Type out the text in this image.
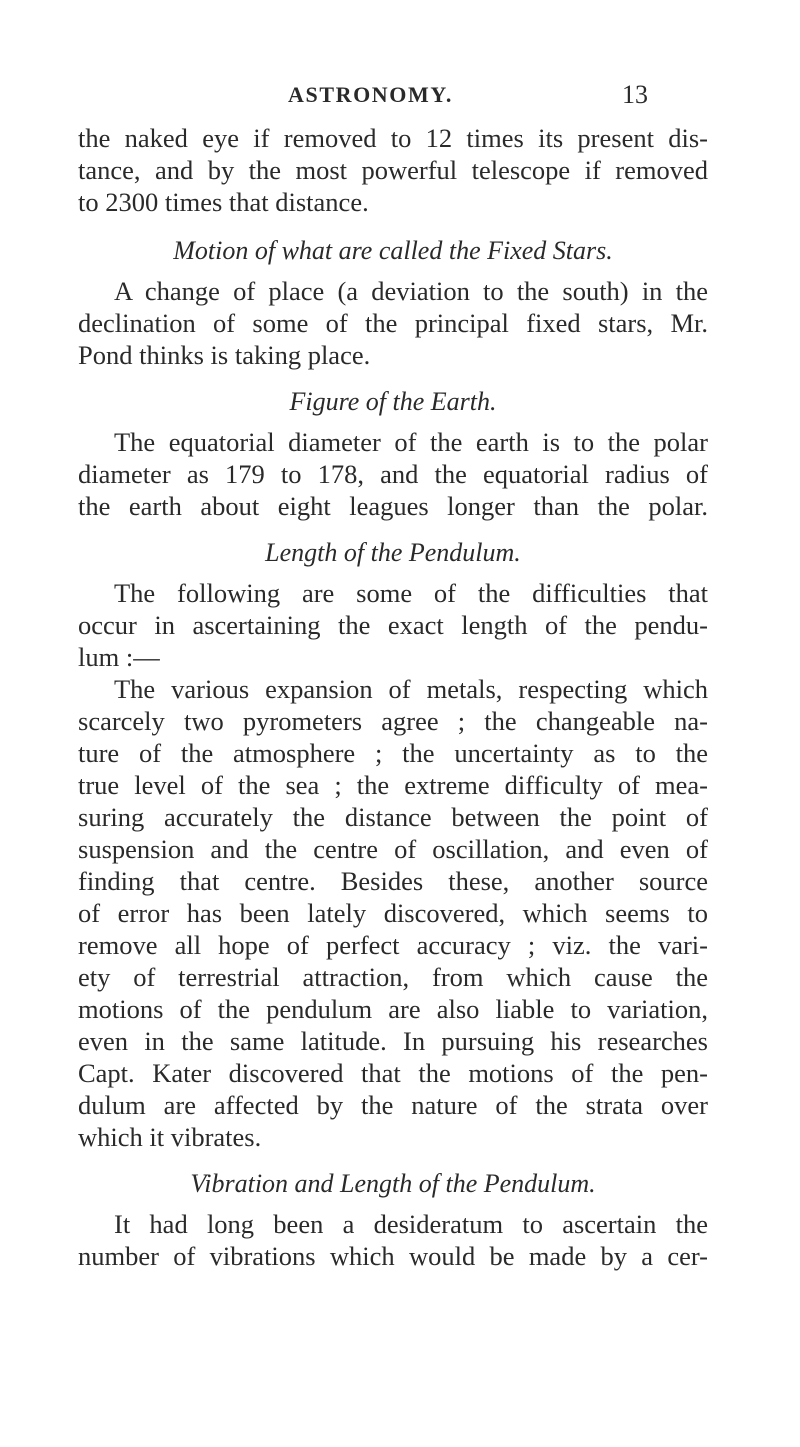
ASTRONOMY.	13
the naked eye if removed to 12 times its present dis-
tance, and by the most powerful telescope if removed
to 2300 times that distance.
Motion of what are called the Fixed Stars.
A change of place (a deviation to the south) in the
declination of some of the principal fixed stars, Mr.
Pond thinks is taking place.
Figure of the Earth.
The equatorial diameter of the earth is to the polar
diameter as 179 to 178, and the equatorial radius of
the earth about eight leagues longer than the polar.
Length of the Pendulum.
The following are some of the difficulties that
occur in ascertaining the exact length of the pendu-
lum :—
The various expansion of metals, respecting which
scarcely two pyrometers agree ; the changeable na-
ture of the atmosphere ; the uncertainty as to the
true level of the sea ; the extreme difficulty of mea-
suring accurately the distance between the point of
suspension and the centre of oscillation, and even of
finding that centre. Besides these, another source
of error has been lately discovered, which seems to
remove all hope of perfect accuracy ; viz. the vari-
ety of terrestrial attraction, from which cause the
motions of the pendulum are also liable to variation,
even in the same latitude. In pursuing his researches
Capt. Kater discovered that the motions of the pen-
dulum are affected by the nature of the strata over
which it vibrates.
Vibration and Length of the Pendulum.
It had long been a desideratum to ascertain the
number of vibrations which would be made by a cer-
